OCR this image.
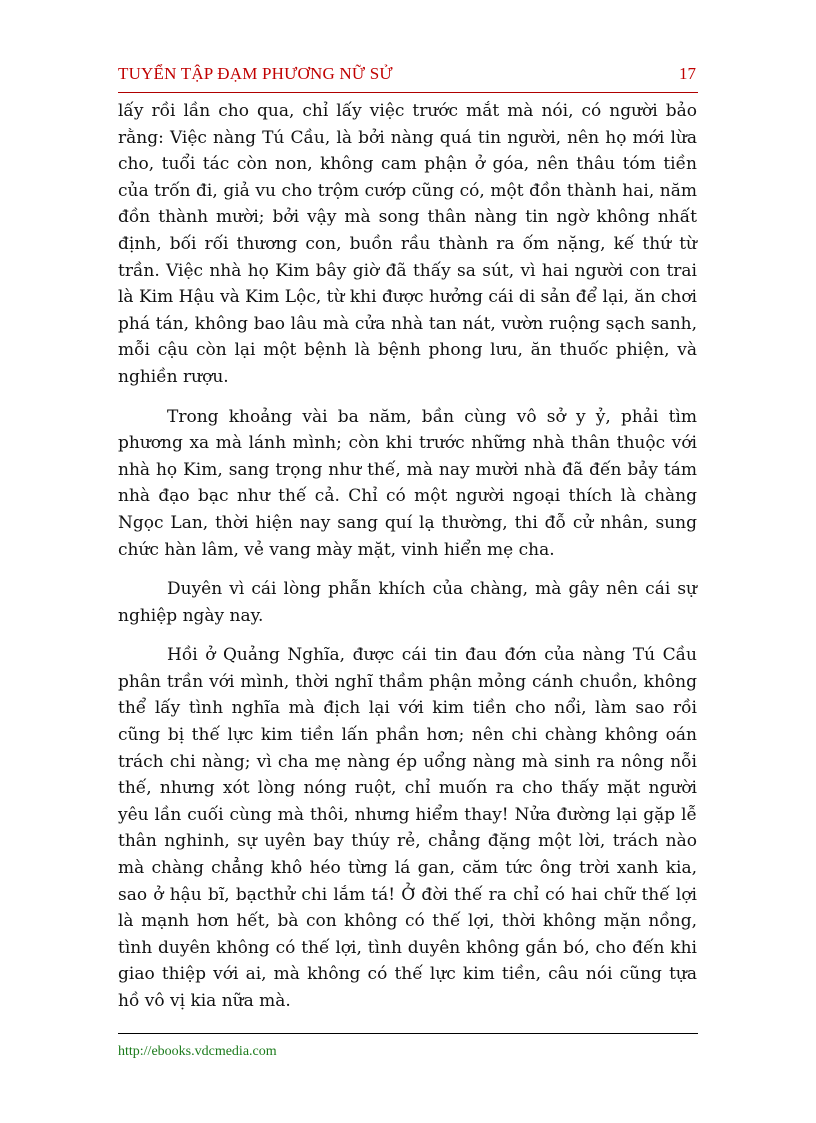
TUYỂN TẬP ĐẠM PHƯƠNG NỮ SỬ	17

lấy rồi lần cho qua, chỉ lấy việc trước mắt mà nói, có người bảo rằng: Việc nàng Tú Cầu, là bởi nàng quá tin người, nên họ mới lừa cho, tuổi tác còn non, không cam phận ở góa, nên thâu tóm tiền của trốn đi, giả vu cho trộm cướp cũng có, một đồn thành hai, năm đồn thành mười; bởi vậy mà song thân nàng tin ngờ không nhất định, bối rối thương con, buồn rầu thành ra ốm nặng, kế thứ từ trần. Việc nhà họ Kim bây giờ đã thấy sa sút, vì hai người con trai là Kim Hậu và Kim Lộc, từ khi được hưởng cái di sản để lại, ăn chơi phá tán, không bao lâu mà cửa nhà tan nát, vườn ruộng sạch sanh, mỗi cậu còn lại một bệnh là bệnh phong lưu, ăn thuốc phiện, và nghiền rượu.

Trong khoảng vài ba năm, bần cùng vô sở y ỷ, phải tìm phương xa mà lánh mình; còn khi trước những nhà thân thuộc với nhà họ Kim, sang trọng như thế, mà nay mười nhà đã đến bảy tám nhà đạo bạc như thế cả. Chỉ có một người ngoại thích là chàng Ngọc Lan, thời hiện nay sang quí lạ thường, thi đỗ cử nhân, sung chức hàn lâm, vẻ vang mày mặt, vinh hiển mẹ cha.

Duyên vì cái lòng phẫn khích của chàng, mà gây nên cái sự nghiệp ngày nay.

Hồi ở Quảng Nghĩa, được cái tin đau đớn của nàng Tú Cầu phân trần với mình, thời nghĩ thầm phận mỏng cánh chuồn, không thể lấy tình nghĩa mà địch lại với kim tiền cho nổi, làm sao rồi cũng bị thế lực kim tiền lấn phần hơn; nên chi chàng không oán trách chi nàng; vì cha mẹ nàng ép uổng nàng mà sinh ra nông nỗi thế, nhưng xót lòng nóng ruột, chỉ muốn ra cho thấy mặt người yêu lần cuối cùng mà thôi, nhưng hiểm thay! Nửa đường lại gặp lễ thân nghinh, sự uyên bay thúy rẻ, chẳng đặng một lời, trách nào mà chàng chẳng khô héo từng lá gan, căm tức ông trời xanh kia, sao ở hậu bĩ, bạcthử chi lắm tá! Ở đời thế ra chỉ có hai chữ thế lợi là mạnh hơn hết, bà con không có thế lợi, thời không mặn nồng, tình duyên không có thế lợi, tình duyên không gắn bó, cho đến khi giao thiệp với ai, mà không có thế lực kim tiền, câu nói cũng tựa hồ vô vị kia nữa mà.

http://ebooks.vdcmedia.com
